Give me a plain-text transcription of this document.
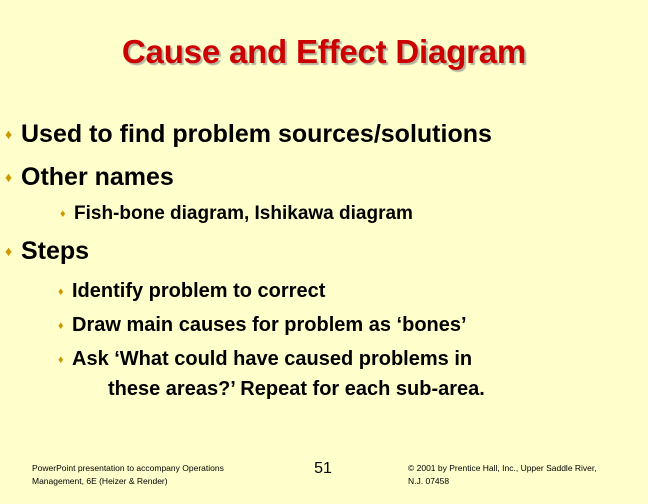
Cause and Effect Diagram
♦ Used to find problem sources/solutions
♦ Other names
♦ Fish-bone diagram, Ishikawa diagram
♦ Steps
♦ Identify problem to correct
♦ Draw main causes for problem as ‘bones’
♦ Ask ‘What could have caused problems in
these areas?’ Repeat for each sub-area.
PowerPoint presentation to accompany Operations
Management, 6E (Heizer & Render)
51	© 2001 by Prentice Hall, Inc., Upper Saddle River,
N.J. 07458
